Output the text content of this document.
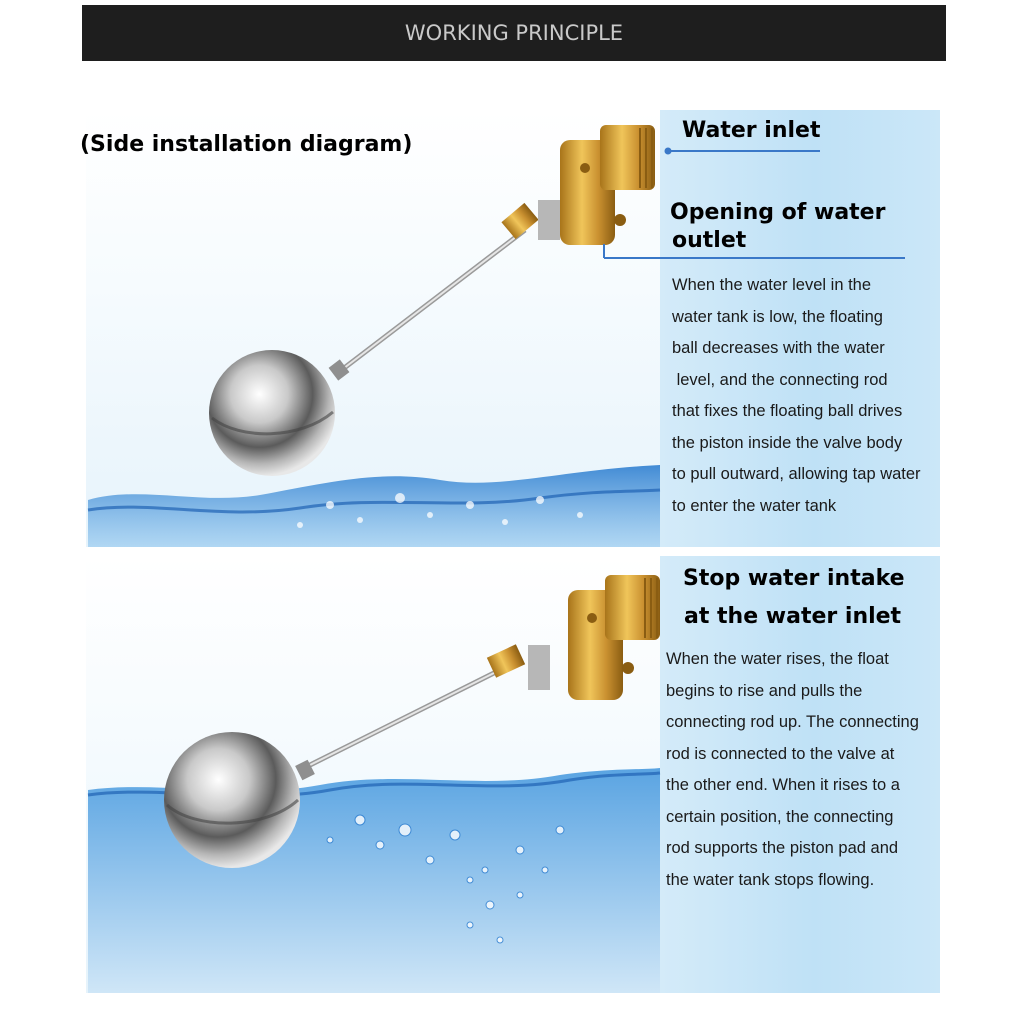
WORKING PRINCIPLE
(Side installation diagram)
Water inlet
Opening of water
outlet
When the water level in the
water tank is low, the floating
ball decreases with the water
level, and the connecting rod
that fixes the floating ball drives
the piston inside the valve body
to pull outward, allowing tap water
to enter the water tank
Stop water intake
at the water inlet
When the water rises, the float
begins to rise and pulls the
connecting rod up. The connecting
rod is connected to the valve at
the other end. When it rises to a
certain position, the connecting
rod supports the piston pad and
the water tank stops flowing.
